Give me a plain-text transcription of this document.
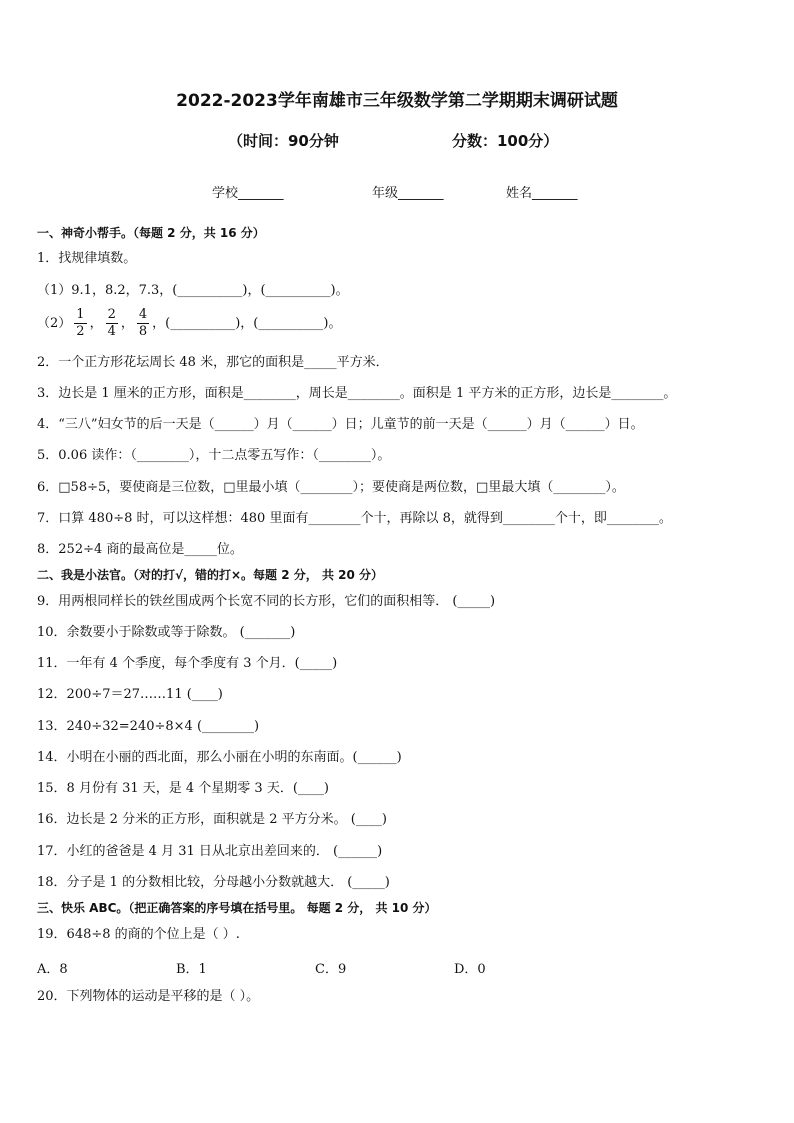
2022-2023学年南雄市三年级数学第二学期期末调研试题
（时间：90分钟	分数：100分）
学校_______	年级_______	姓名_______
一、神奇小帮手。（每题 2 分，共 16 分）
1．找规律填数。
（1）9.1，8.2，7.3，(__________)，(__________)。
$(2) \frac{1}{2}$ ， $\frac{2}{4}$ ， $\frac{4}{8}$ ，(__________)，(__________)。
2．一个正方形花坛周长 48 米，那它的面积是_____平方米．
3．边长是 1 厘米的正方形，面积是________，周长是________。面积是 1 平方米的正方形，边长是________。
4．“三八”妇女节的后一天是（______）月（______）日；儿童节的前一天是（______）月（______）日。
5．0.06 读作：（________），十二点零五写作：（________）。
6．□58÷5，要使商是三位数，□里最小填（________）；要使商是两位数，□里最大填（________）。
7．口算 480÷8 时，可以这样想：480 里面有________个十，再除以 8，就得到________个十，即________。
8．252÷4 商的最高位是_____位。
二、我是小法官。（对的打√，错的打×。每题 2 分， 共 20 分）
9．用两根同样长的铁丝围成两个长宽不同的长方形，它们的面积相等． (_____)
10．余数要小于除数或等于除数。 (_______)
11．一年有 4 个季度，每个季度有 3 个月．(_____)
12．200÷7＝27……11 (____)
13．240÷32=240÷8×4 (________)
14．小明在小丽的西北面，那么小丽在小明的东南面。(______)
15．8 月份有 31 天，是 4 个星期零 3 天．(____)
16．边长是 2 分米的正方形，面积就是 2 平方分米。 (____)
17．小红的爸爸是 4 月 31 日从北京出差回来的． (______)
18．分子是 1 的分数相比较，分母越小分数就越大． (_____)
三、快乐 ABC。（把正确答案的序号填在括号里。 每题 2 分， 共 10 分）
19．648÷8 的商的个位上是（ ）.
A．8	B．1	C．9	D．0
20．下列物体的运动是平移的是（ ）。
